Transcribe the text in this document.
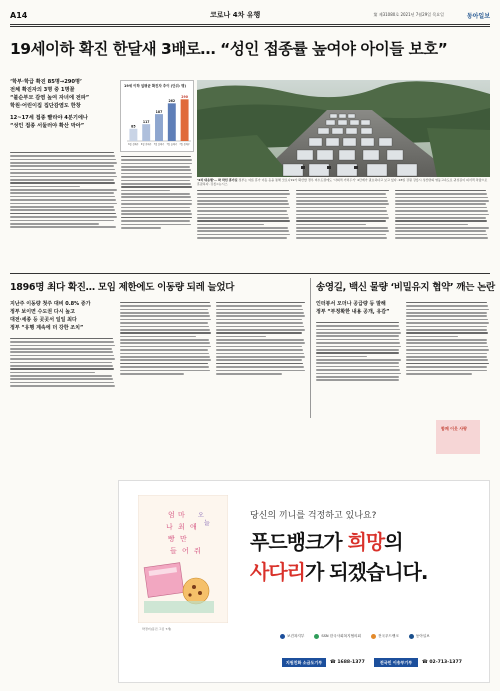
A14	코로나 4차 유행	第 제31080호 2021년 7월29일 목요일	동아일보
19세이하 확진 한달새 3배로… “성인 접종률 높여야 아이들 보호”
‘학부·학급 확진 85명→290명’
전체 확진자의 3명 중 1명꼴
“불순부모 감염 높여 자녀에 전파”
학원·어린이집 집단감염도 한창
12~17세 접종 빨라야 4분기에나
“성인 접종 서둘러야 확산 막아”
19세 이하 일평균 확진자 추이 (단위: 명)
85
6월 셋째주
117
6월 넷째주
187
7월 첫째주
262
7월 둘째주
290
7월 셋째주
‘4차 대유행’… 꽉 막힌 휴가길 정부는 여름 휴가 이동 등을 통해 코로나19가 확산할 경우 비수도권에도 ‘사회적 거리두기’ 4단계가 필요하다고 보고 있다. 28일 강원 강릉시 성산면의 영동고속도로 귀성길이 피서객 차량으로 혼잡하다. 강릉=뉴시스
1896명 최다 확진… 모임 제한에도 이동량 되레 늘었다	송영길, 백신 물량 ‘비밀유지 협약’ 깨는 논란
지난주 이동량 첫주 대비 0.8% 증가
정부 보이면 수도권 다시 높고
대전·세종 등 곳곳서 일일 최다
정부 “유행 계속에 더 강한 조치”
인터뷰서 모더나 공급량 등 말해
정부 “부정확한 내용 공개, 유감”
함께 이웃 사랑
엄 마
나 최 애
빵 만
들 어 줘
오
늘
박경미(봉진 그림 7세)
당신의 끼니를 걱정하고 있나요?
푸드뱅크가 희망의
사다리가 되겠습니다.
보건복지부	SSN 한국사회복지협의회	전국푸드뱅크	동아일보
지원친화 소금도기부	☎ 1688-1377	전국민 이송부기부	☎ 02-713-1377
